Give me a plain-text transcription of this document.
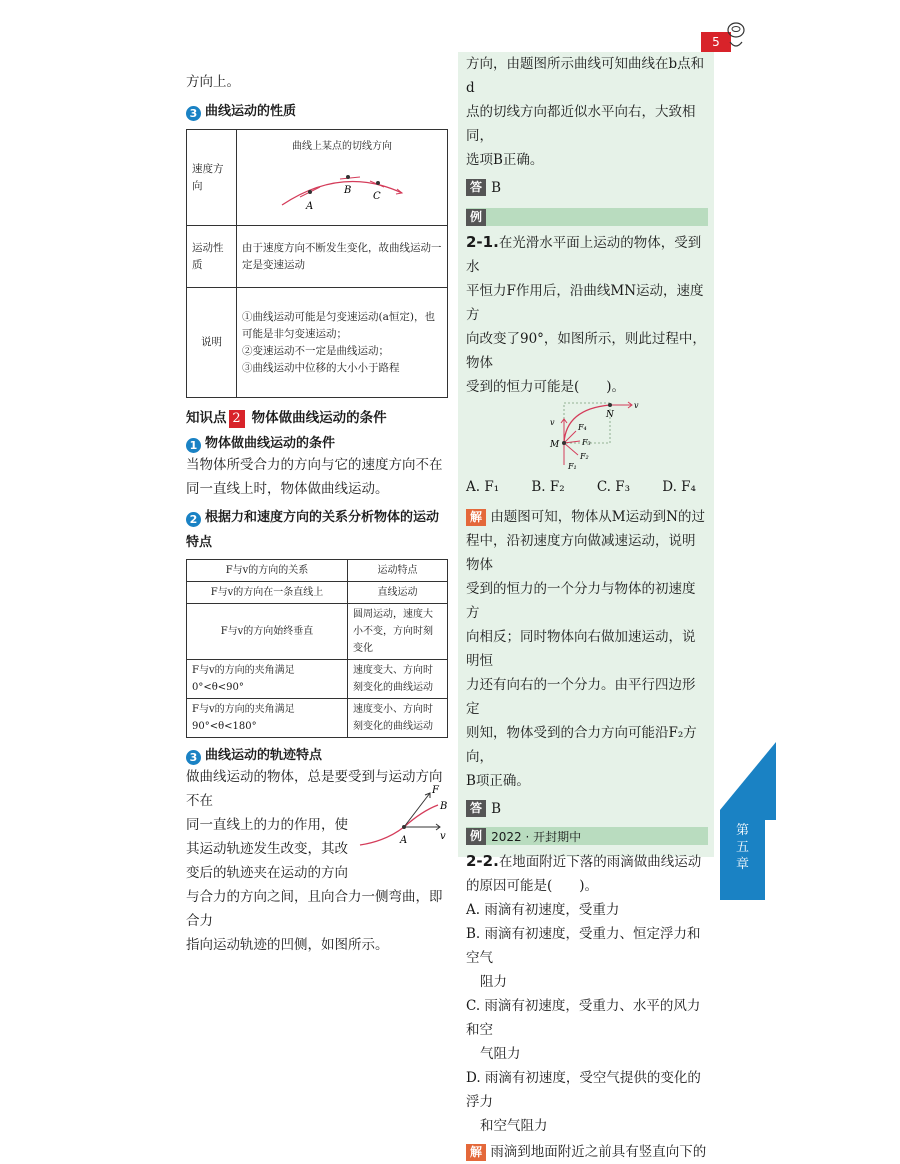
5
方向上。
3 曲线运动的性质
速度方向	曲线上某点的切线方向
A
B
C

运动性质	由于速度方向不断发生变化，故曲线运动一定是变速运动
说明	①曲线运动可能是匀变速运动(a恒定)，也可能是非匀变速运动；
②变速运动不一定是曲线运动；
③曲线运动中位移的大小小于路程
知识点 2 物体做曲线运动的条件
1 物体做曲线运动的条件
当物体所受合力的方向与它的速度方向不在同一直线上时，物体做曲线运动。
2 根据力和速度方向的关系分析物体的运动特点
F与v的方向的关系	运动特点
F与v的方向在一条直线上	直线运动
F与v的方向始终垂直	圆周运动，速度大小不变，方向时刻变化
F与v的方向的夹角满足0°<θ<90°	速度变大、方向时刻变化的曲线运动
F与v的方向的夹角满足90°<θ<180°	速度变小、方向时刻变化的曲线运动
3 曲线运动的轨迹特点
做曲线运动的物体，总是要受到与运动方向不在
同一直线上的力的作用，使
其运动轨迹发生改变，其改
变后的轨迹夹在运动的方向
与合力的方向之间，且向合力一侧弯曲，即合力
指向运动轨迹的凹侧，如图所示。
F
B
A	v
方向，由题图所示曲线可知曲线在b点和d
点的切线方向都近似水平向右，大致相同，
选项B正确。
答 B
例
2-1.在光滑水平面上运动的物体，受到水
平恒力F作用后，沿曲线MN运动，速度方
向改变了90°，如图所示，则此过程中，物体
受到的恒力可能是(　　)。
N
v
v
M
F₄
F₃
F₂
F₁
A. F₁ B. F₂ C. F₃ D. F₄
解 由题图可知，物体从M运动到N的过
程中，沿初速度方向做减速运动，说明物体
受到的恒力的一个分力与物体的初速度方
向相反；同时物体向右做加速运动，说明恒
力还有向右的一个分力。由平行四边形定
则知，物体受到的合力方向可能沿F₂方向，
B项正确。
答 B
例 2022 · 开封期中
2-2.在地面附近下落的雨滴做曲线运动
的原因可能是(　　)。
A. 雨滴有初速度，受重力
B. 雨滴有初速度，受重力、恒定浮力和空气
阻力
C. 雨滴有初速度，受重力、水平的风力和空
气阻力
D. 雨滴有初速度，受空气提供的变化的浮力
和空气阻力
解 雨滴到地面附近之前具有竖直向下的
第
五
章
